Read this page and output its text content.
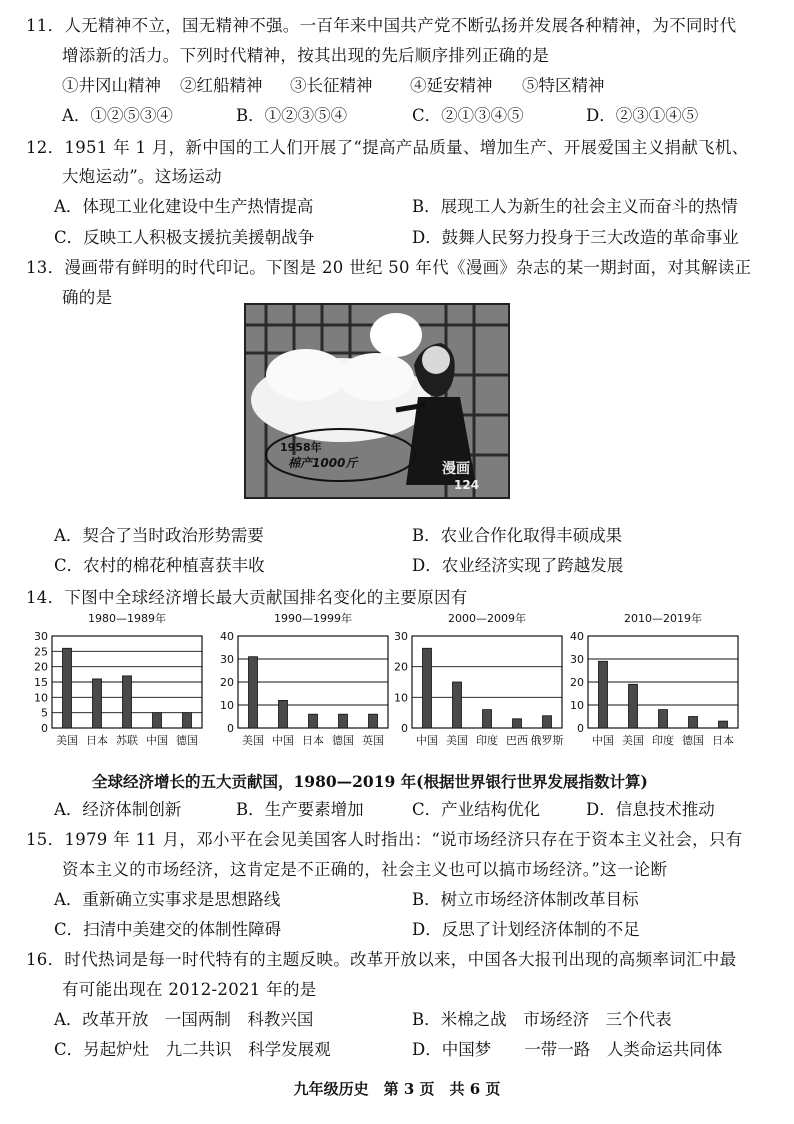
11．人无精神不立，国无精神不强。一百年来中国共产党不断弘扬并发展各种精神，为不同时代
增添新的活力。下列时代精神，按其出现的先后顺序排列正确的是
①井冈山精神 ②红船精神 ③长征精神 ④延安精神 ⑤特区精神
A．①②⑤③④	B．①②③⑤④	C．②①③④⑤	D．②③①④⑤
12．1951 年 1 月，新中国的工人们开展了“提高产品质量、增加生产、开展爱国主义捐献飞机、
大炮运动”。这场运动
A．体现工业化建设中生产热情提高	B．展现工人为新生的社会主义而奋斗的热情
C．反映工人积极支援抗美援朝战争	D．鼓舞人民努力投身于三大改造的革命事业
13．漫画带有鲜明的时代印记。下图是 20 世纪 50 年代《漫画》杂志的某一期封面，对其解读正
确的是
1958年
棉产1000斤	漫画
124
A．契合了当时政治形势需要	B．农业合作化取得丰硕成果
C．农村的棉花种植喜获丰收	D．农业经济实现了跨越发展
14．下图中全球经济增长最大贡献国排名变化的主要原因有
1980—1989年
0
5
10
15
20
25
30
美国 日本 苏联 中国 德国
1990—1999年
0
10
20
30
40
美国 中国 日本 德国 英国
2000—2009年
0
10
20
30
中国 美国 印度 巴西 俄罗斯
2010—2019年
0
10
20
30
40
中国 美国 印度 德国 日本
全球经济增长的五大贡献国，1980—2019 年(根据世界银行世界发展指数计算)
A．经济体制创新	B．生产要素增加	C．产业结构优化	D．信息技术推动
15．1979 年 11 月，邓小平在会见美国客人时指出：“说市场经济只存在于资本主义社会，只有
资本主义的市场经济，这肯定是不正确的，社会主义也可以搞市场经济。”这一论断
A．重新确立实事求是思想路线	B．树立市场经济体制改革目标
C．扫清中美建交的体制性障碍	D．反思了计划经济体制的不足
16．时代热词是每一时代特有的主题反映。改革开放以来，中国各大报刊出现的高频率词汇中最
有可能出现在 2012-2021 年的是
A．改革开放　一国两制　科教兴国	B．米棉之战　市场经济　三个代表
C．另起炉灶　九二共识　科学发展观	D．中国梦　　一带一路　人类命运共同体
九年级历史　第 3 页　共 6 页
